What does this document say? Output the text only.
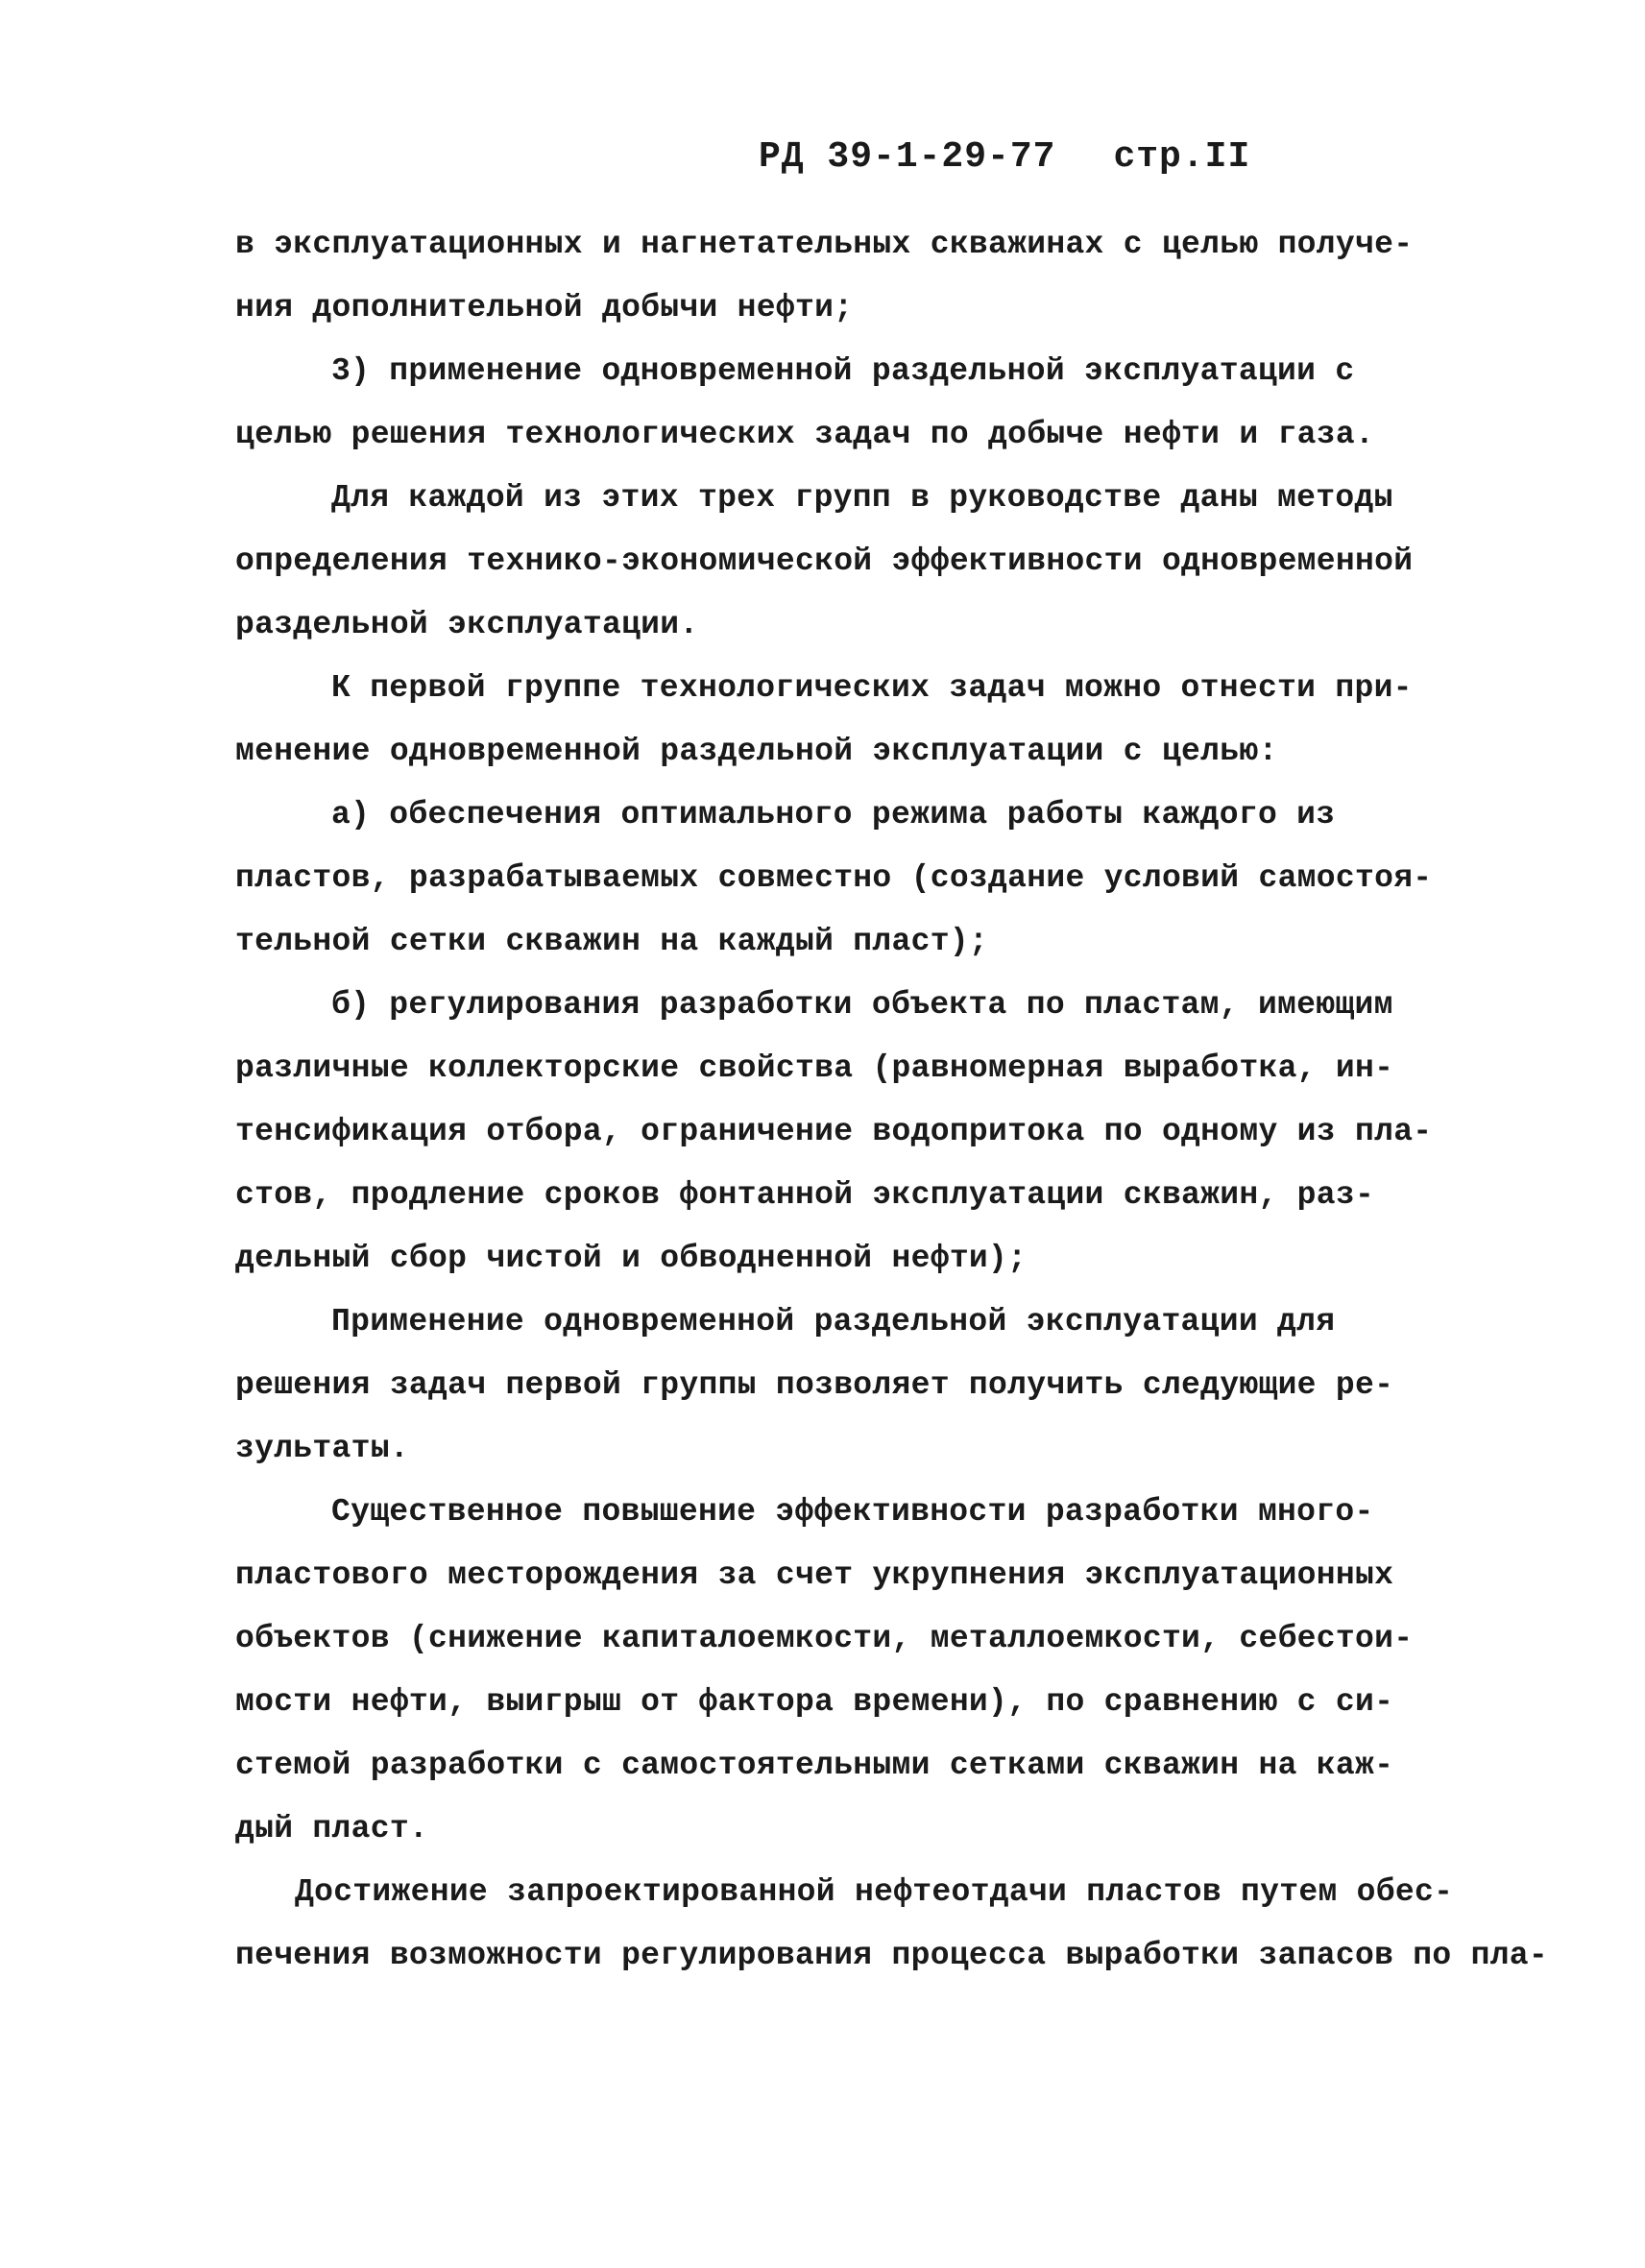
РД 39-1-29-77 стр.II
в эксплуатационных и нагнетательных скважинах с целью получе-
ния дополнительной добычи нефти;
3) применение одновременной раздельной эксплуатации с
целью решения технологических задач по добыче нефти и газа.
Для каждой из этих трех групп в руководстве даны методы
определения технико-экономической эффективности одновременной
раздельной эксплуатации.
К первой группе технологических задач можно отнести при-
менение одновременной раздельной эксплуатации с целью:
а) обеспечения оптимального режима работы каждого из
пластов, разрабатываемых совместно (создание условий самостоя-
тельной сетки скважин на каждый пласт);
б) регулирования разработки объекта по пластам, имеющим
различные коллекторские свойства (равномерная выработка, ин-
тенсификация отбора, ограничение водопритока по одному из пла-
стов, продление сроков фонтанной эксплуатации скважин, раз-
дельный сбор чистой и обводненной нефти);
Применение одновременной раздельной эксплуатации для
решения задач первой группы позволяет получить следующие ре-
зультаты.
Существенное повышение эффективности разработки много-
пластового месторождения за счет укрупнения эксплуатационных
объектов (снижение капиталоемкости, металлоемкости, себестои-
мости нефти, выигрыш от фактора времени), по сравнению с си-
стемой разработки с самостоятельными сетками скважин на каж-
дый пласт.
Достижение запроектированной нефтеотдачи пластов путем обес-
печения возможности регулирования процесса выработки запасов по пла-
